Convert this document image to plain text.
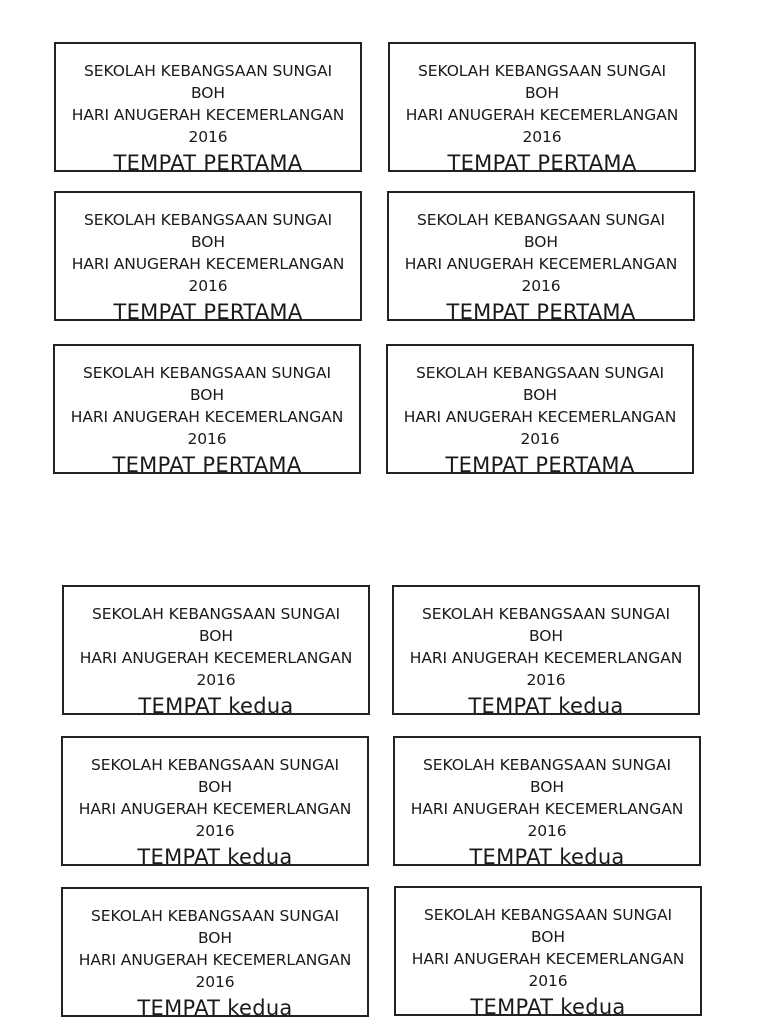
SEKOLAH KEBANGSAAN SUNGAI
BOH
HARI ANUGERAH KECEMERLANGAN
2016
TEMPAT PERTAMA
SEKOLAH KEBANGSAAN SUNGAI
BOH
HARI ANUGERAH KECEMERLANGAN
2016
TEMPAT PERTAMA
SEKOLAH KEBANGSAAN SUNGAI
BOH
HARI ANUGERAH KECEMERLANGAN
2016
TEMPAT PERTAMA
SEKOLAH KEBANGSAAN SUNGAI
BOH
HARI ANUGERAH KECEMERLANGAN
2016
TEMPAT PERTAMA
SEKOLAH KEBANGSAAN SUNGAI
BOH
HARI ANUGERAH KECEMERLANGAN
2016
TEMPAT PERTAMA
SEKOLAH KEBANGSAAN SUNGAI
BOH
HARI ANUGERAH KECEMERLANGAN
2016
TEMPAT PERTAMA
SEKOLAH KEBANGSAAN SUNGAI
BOH
HARI ANUGERAH KECEMERLANGAN
2016
TEMPAT kedua
SEKOLAH KEBANGSAAN SUNGAI
BOH
HARI ANUGERAH KECEMERLANGAN
2016
TEMPAT kedua
SEKOLAH KEBANGSAAN SUNGAI
BOH
HARI ANUGERAH KECEMERLANGAN
2016
TEMPAT kedua
SEKOLAH KEBANGSAAN SUNGAI
BOH
HARI ANUGERAH KECEMERLANGAN
2016
TEMPAT kedua
SEKOLAH KEBANGSAAN SUNGAI
BOH
HARI ANUGERAH KECEMERLANGAN
2016
TEMPAT kedua
SEKOLAH KEBANGSAAN SUNGAI
BOH
HARI ANUGERAH KECEMERLANGAN
2016
TEMPAT kedua
